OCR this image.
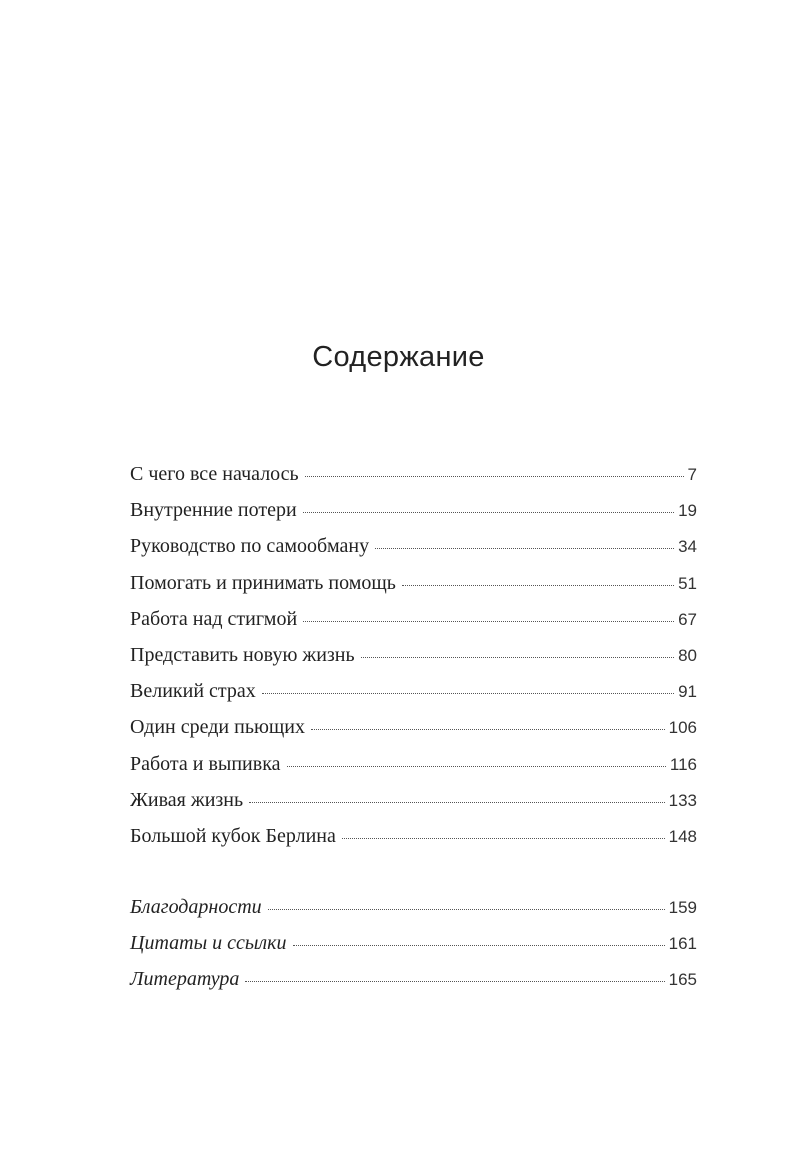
Содержание
С чего все началось	7
Внутренние потери	19
Руководство по самообману	34
Помогать и принимать помощь	51
Работа над стигмой	67
Представить новую жизнь	80
Великий страх	91
Один среди пьющих	106
Работа и выпивка	116
Живая жизнь	133
Большой кубок Берлина	148
Благодарности	159
Цитаты и ссылки	161
Литература	165
